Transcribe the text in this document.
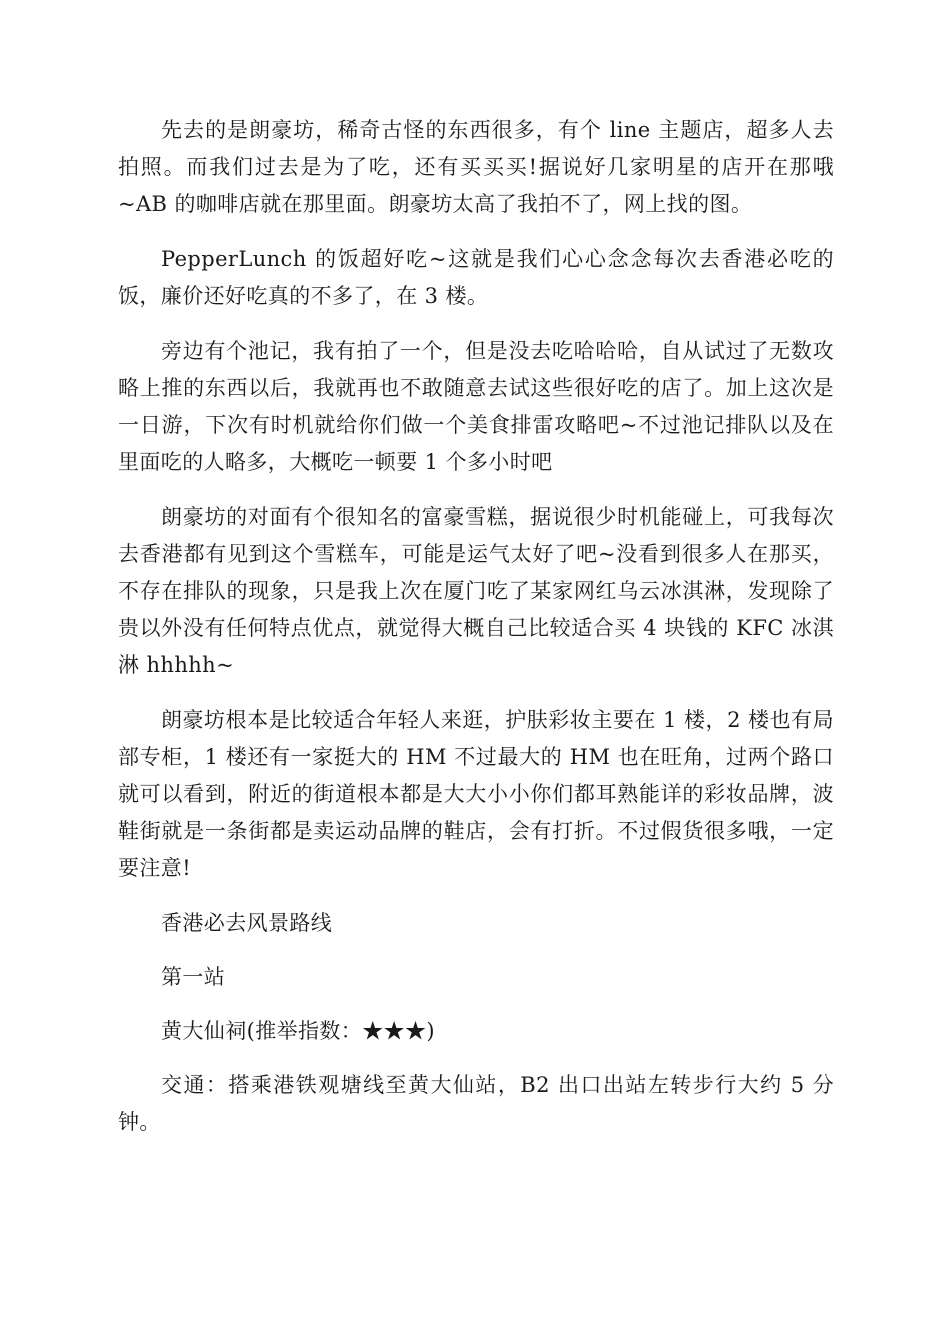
先去的是朗豪坊，稀奇古怪的东西很多，有个 line 主题店，超多人去拍照。而我们过去是为了吃，还有买买买!据说好几家明星的店开在那哦~AB 的咖啡店就在那里面。朗豪坊太高了我拍不了，网上找的图。

PepperLunch 的饭超好吃~这就是我们心心念念每次去香港必吃的饭，廉价还好吃真的不多了，在 3 楼。

旁边有个池记，我有拍了一个，但是没去吃哈哈哈，自从试过了无数攻略上推的东西以后，我就再也不敢随意去试这些很好吃的店了。加上这次是一日游，下次有时机就给你们做一个美食排雷攻略吧~不过池记排队以及在里面吃的人略多，大概吃一顿要 1 个多小时吧

朗豪坊的对面有个很知名的富豪雪糕，据说很少时机能碰上，可我每次去香港都有见到这个雪糕车，可能是运气太好了吧~没看到很多人在那买，不存在排队的现象，只是我上次在厦门吃了某家网红乌云冰淇淋，发现除了贵以外没有任何特点优点，就觉得大概自己比较适合买 4 块钱的 KFC 冰淇淋 hhhhh~

朗豪坊根本是比较适合年轻人来逛，护肤彩妆主要在 1 楼，2 楼也有局部专柜，1 楼还有一家挺大的 HM 不过最大的 HM 也在旺角，过两个路口就可以看到，附近的街道根本都是大大小小你们都耳熟能详的彩妆品牌，波鞋街就是一条街都是卖运动品牌的鞋店，会有打折。不过假货很多哦，一定要注意!

香港必去风景路线

第一站

黄大仙祠(推举指数：★★★)

交通：搭乘港铁观塘线至黄大仙站，B2 出口出站左转步行大约 5 分钟。
